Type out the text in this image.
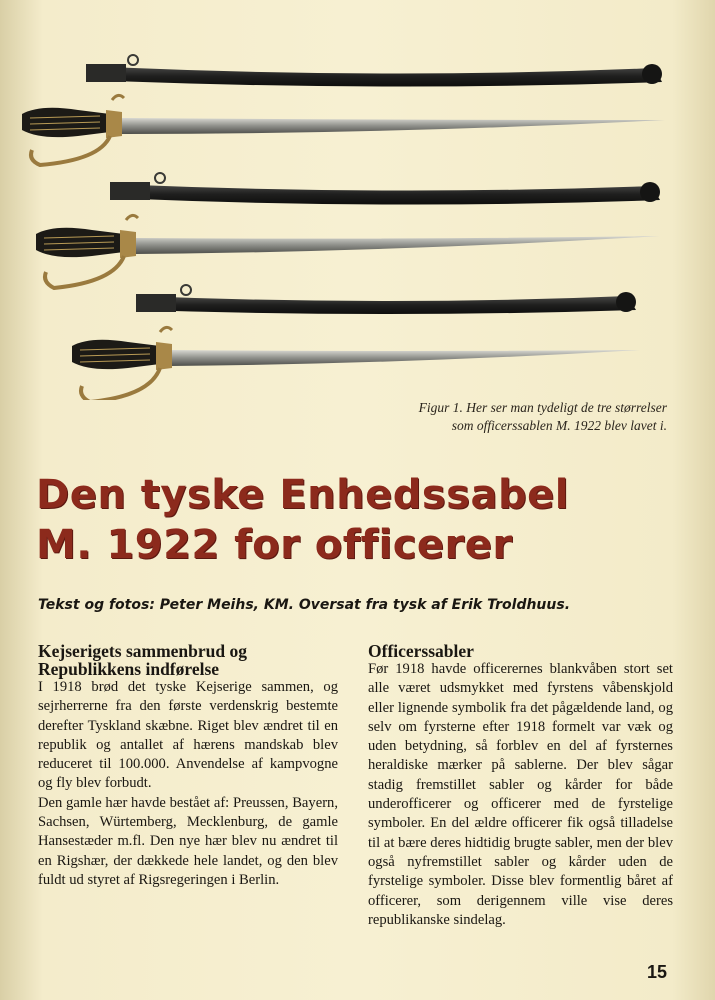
Figur 1. Her ser man tydeligt de tre størrelser
som officerssablen M. 1922 blev lavet i.
Den tyske Enhedssabel
M. 1922 for officerer
Tekst og fotos: Peter Meihs, KM. Oversat fra tysk af Erik Troldhuus.
Kejserigets sammenbrud og
Republikkens indførelse

I 1918 brød det tyske Kejserige sammen, og sejrherrerne fra den første verdenskrig bestemte derefter Tyskland skæbne. Riget blev ændret til en republik og antallet af hærens mandskab blev reduceret til 100.000. Anvendelse af kampvogne og fly blev forbudt.

Den gamle hær havde bestået af: Preussen, Bayern, Sachsen, Würtemberg, Mecklenburg, de gamle Hansestæder m.fl. Den nye hær blev nu ændret til en Rigshær, der dækkede hele landet, og den blev fuldt ud styret af Rigsregeringen i Berlin.

Officerssabler

Før 1918 havde officerernes blankvåben stort set alle været udsmykket med fyrstens våbenskjold eller lignende symbolik fra det pågældende land, og selv om fyrsterne efter 1918 formelt var væk og uden betydning, så forblev en del af fyrsternes heraldiske mærker på sablerne. Der blev sågar stadig fremstillet sabler og kårder for både underofficerer og officerer med de fyrstelige symboler. En del ældre officerer fik også tilladelse til at bære deres hidtidig brugte sabler, men der blev også nyfremstillet sabler og kårder uden de fyrstelige symboler. Disse blev formentlig båret af officerer, som derigennem ville vise deres republikanske sindelag.

15
